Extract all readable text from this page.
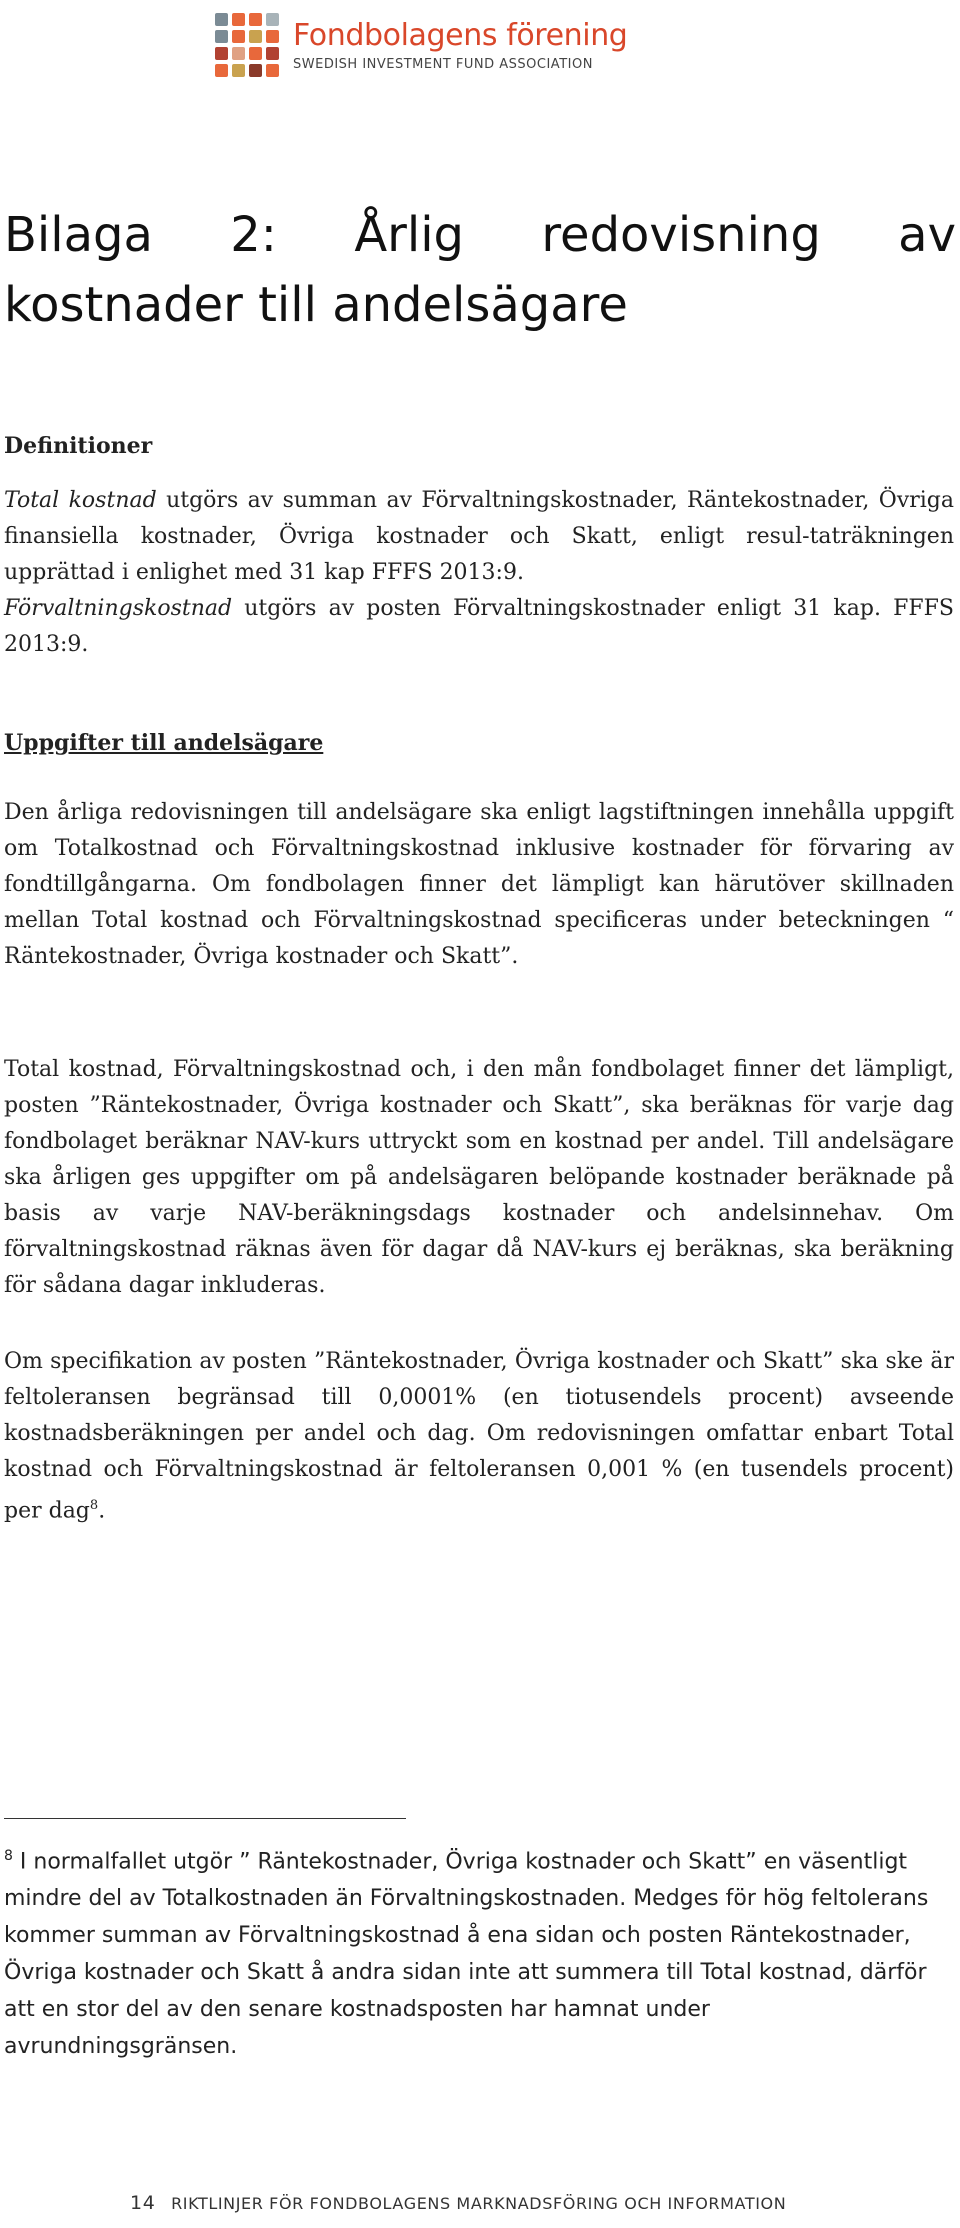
Fondbolagens förening
SWEDISH INVESTMENT FUND ASSOCIATION
Bilaga 2: Årlig redovisning av
kostnader till andelsägare
Definitioner

Total kostnad utgörs av summan av Förvaltningskostnader, Räntekostnader, Övriga finansiella kostnader, Övriga kostnader och Skatt, enligt resul-taträkningen upprättad i enlighet med 31 kap FFFS 2013:9.

Förvaltningskostnad utgörs av posten Förvaltningskostnader enligt 31 kap. FFFS 2013:9.

Uppgifter till andelsägare

Den årliga redovisningen till andelsägare ska enligt lagstiftningen innehålla uppgift om Totalkostnad och Förvaltningskostnad inklusive kostnader för förvaring av fondtillgångarna. Om fondbolagen finner det lämpligt kan härutöver skillnaden mellan Total kostnad och Förvaltningskostnad specificeras under beteckningen “ Räntekostnader, Övriga kostnader och Skatt”.

Total kostnad, Förvaltningskostnad och, i den mån fondbolaget finner det lämpligt, posten ”Räntekostnader, Övriga kostnader och Skatt”, ska beräknas för varje dag fondbolaget beräknar NAV-kurs uttryckt som en kostnad per andel. Till andelsägare ska årligen ges uppgifter om på andelsägaren belöpande kostnader beräknade på basis av varje NAV-beräkningsdags kostnader och andelsinnehav. Om förvaltningskostnad räknas även för dagar då NAV-kurs ej beräknas, ska beräkning för sådana dagar inkluderas.

Om specifikation av posten ”Räntekostnader, Övriga kostnader och Skatt” ska ske är feltoleransen begränsad till 0,0001% (en tiotusendels procent) avseende kostnadsberäkningen per andel och dag. Om redovisningen omfattar enbart Total kostnad och Förvaltningskostnad är feltoleransen 0,001 % (en tusendels procent) per dag$^8$.

$^8$ I normalfallet utgör ” Räntekostnader, Övriga kostnader och Skatt” en väsentligt mindre del av Totalkostnaden än Förvaltningskostnaden. Medges för hög feltolerans kommer summan av Förvaltningskostnad å ena sidan och posten Räntekostnader, Övriga kostnader och Skatt å andra sidan inte att summera till Total kostnad, därför att en stor del av den senare kostnadsposten har hamnat under avrundningsgränsen.

14 RIKTLINJER FÖR FONDBOLAGENS MARKNADSFÖRING OCH INFORMATION
